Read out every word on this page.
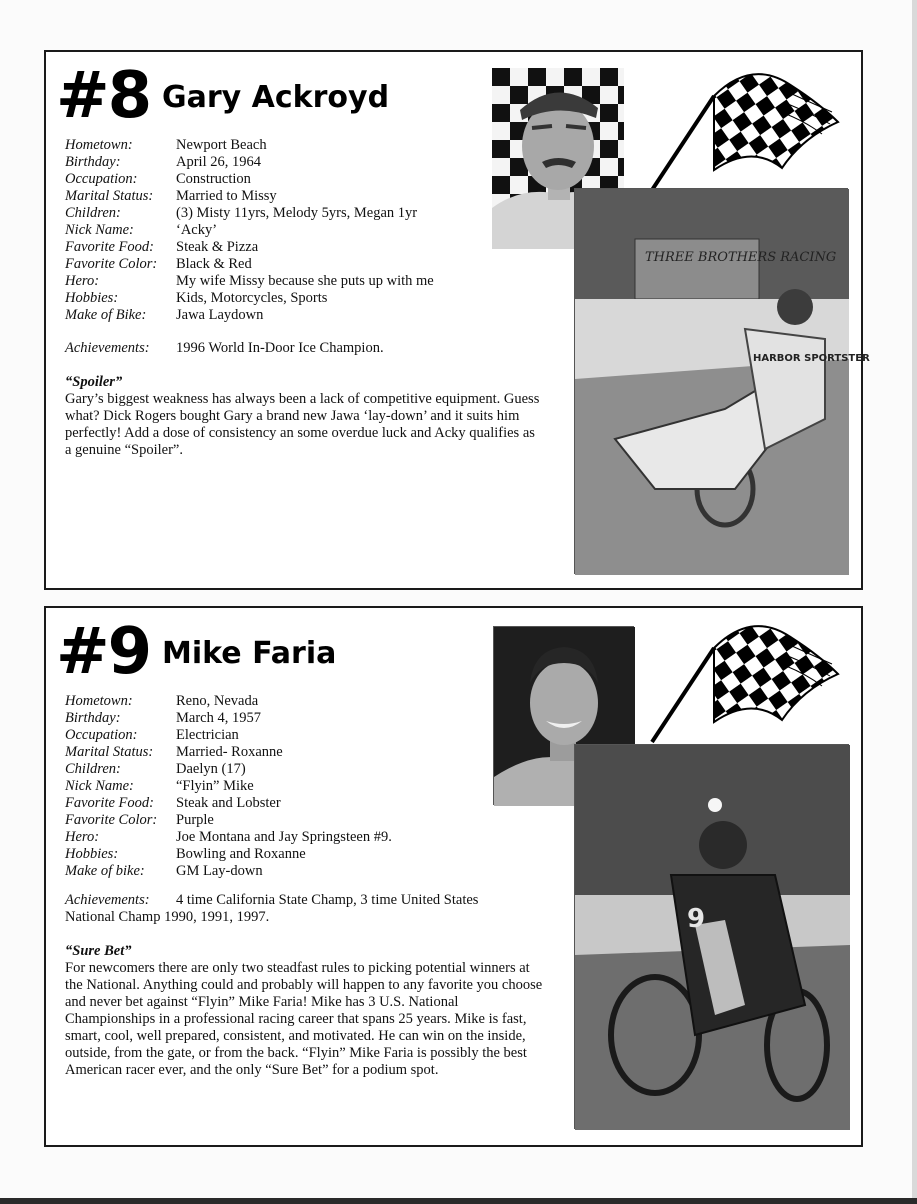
#8 Gary Ackroyd
Hometown:	Newport Beach
Birthday:	April 26, 1964
Occupation:	Construction
Marital Status:	Married to Missy
Children:	(3) Misty 11yrs, Melody 5yrs, Megan 1yr
Nick Name:	‘Acky’
Favorite Food:	Steak & Pizza
Favorite Color:	Black & Red
Hero:	My wife Missy because she puts up with me
Hobbies:	Kids, Motorcycles, Sports
Make of Bike:	Jawa Laydown
Achievements: 1996 World In-Door Ice Champion.
“Spoiler”
Gary’s biggest weakness has always been a lack of competitive equipment. Guess what? Dick Rogers bought Gary a brand new Jawa ‘lay-down’ and it suits him perfectly! Add a dose of consistency an some overdue luck and Acky qualifies as a genuine “Spoiler”.
THREE BROTHERS RACING
HARBOR SPORTSTER
#9 Mike Faria
Hometown:	Reno, Nevada
Birthday:	March 4, 1957
Occupation:	Electrician
Marital Status:	Married- Roxanne
Children:	Daelyn (17)
Nick Name:	“Flyin” Mike
Favorite Food:	Steak and Lobster
Favorite Color:	Purple
Hero:	Joe Montana and Jay Springsteen #9.
Hobbies:	Bowling and Roxanne
Make of bike:	GM Lay-down
Achievements: 4 time California State Champ, 3 time United States National Champ 1990, 1991, 1997.
“Sure Bet”
For newcomers there are only two steadfast rules to picking potential winners at the National. Anything could and probably will happen to any favorite you choose and never bet against “Flyin” Mike Faria! Mike has 3 U.S. National Championships in a professional racing career that spans 25 years. Mike is fast, smart, cool, well prepared, consistent, and motivated. He can win on the inside, outside, from the gate, or from the back. “Flyin” Mike Faria is possibly the best American racer ever, and the only “Sure Bet” for a podium spot.
9
